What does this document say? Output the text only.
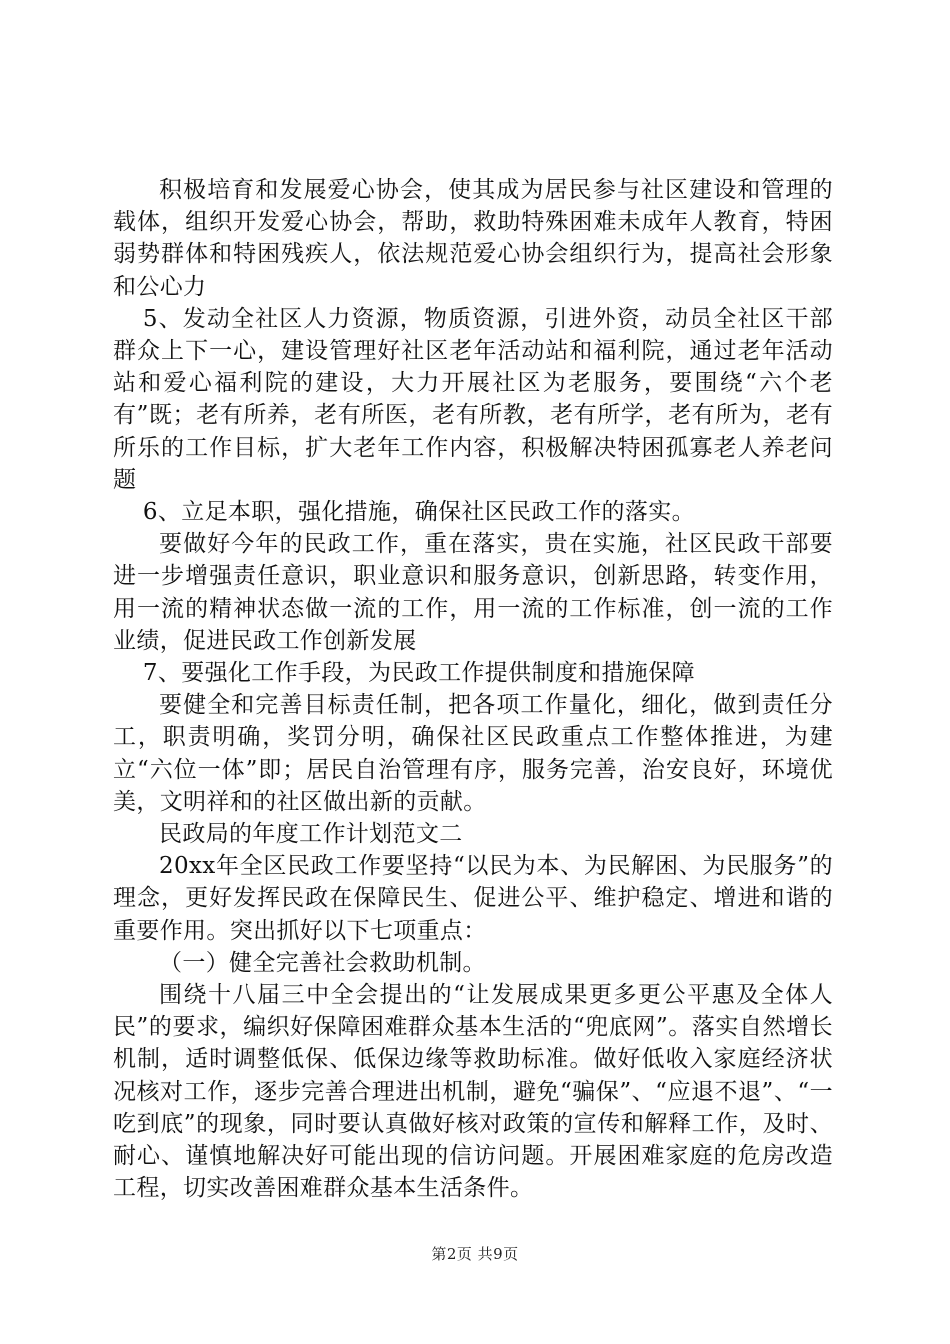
积极培育和发展爱心协会，使其成为居民参与社区建设和管理的载体，组织开发爱心协会，帮助，救助特殊困难未成年人教育，特困弱势群体和特困残疾人，依法规范爱心协会组织行为，提高社会形象和公心力

5、发动全社区人力资源，物质资源，引进外资，动员全社区干部群众上下一心，建设管理好社区老年活动站和福利院，通过老年活动站和爱心福利院的建设，大力开展社区为老服务，要围绕“六个老有”既；老有所养，老有所医，老有所教，老有所学，老有所为，老有所乐的工作目标，扩大老年工作内容，积极解决特困孤寡老人养老问题

6、立足本职，强化措施，确保社区民政工作的落实。

要做好今年的民政工作，重在落实，贵在实施，社区民政干部要进一步增强责任意识，职业意识和服务意识，创新思路，转变作用，用一流的精神状态做一流的工作，用一流的工作标准，创一流的工作业绩，促进民政工作创新发展

7、要强化工作手段，为民政工作提供制度和措施保障

要健全和完善目标责任制，把各项工作量化，细化，做到责任分工，职责明确，奖罚分明，确保社区民政重点工作整体推进，为建立“六位一体”即；居民自治管理有序，服务完善，治安良好，环境优美，文明祥和的社区做出新的贡献。

民政局的年度工作计划范文二

20xx年全区民政工作要坚持“以民为本、为民解困、为民服务”的理念，更好发挥民政在保障民生、促进公平、维护稳定、增进和谐的重要作用。突出抓好以下七项重点：

（一）健全完善社会救助机制。

围绕十八届三中全会提出的“让发展成果更多更公平惠及全体人民”的要求，编织好保障困难群众基本生活的“兜底网”。落实自然增长机制，适时调整低保、低保边缘等救助标准。做好低收入家庭经济状况核对工作，逐步完善合理进出机制，避免“骗保”、“应退不退”、“一吃到底”的现象，同时要认真做好核对政策的宣传和解释工作，及时、耐心、谨慎地解决好可能出现的信访问题。开展困难家庭的危房改造工程，切实改善困难群众基本生活条件。

第2页 共9页
